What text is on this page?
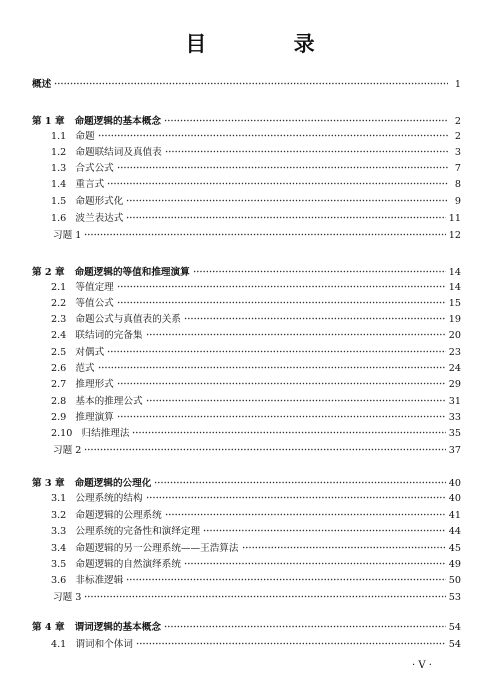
目 录
概述	1
第 1 章   命题逻辑的基本概念	2
1.1   命题	2
1.2   命题联结词及真值表	3
1.3   合式公式	7
1.4   重言式	8
1.5   命题形式化	9
1.6   波兰表达式	11
习题 1	12
第 2 章   命题逻辑的等值和推理演算	14
2.1   等值定理	14
2.2   等值公式	15
2.3   命题公式与真值表的关系	19
2.4   联结词的完备集	20
2.5   对偶式	23
2.6   范式	24
2.7   推理形式	29
2.8   基本的推理公式	31
2.9   推理演算	33
2.10   归结推理法	35
习题 2	37
第 3 章   命题逻辑的公理化	40
3.1   公理系统的结构	40
3.2   命题逻辑的公理系统	41
3.3   公理系统的完备性和演绎定理	44
3.4   命题逻辑的另一公理系统——王浩算法	45
3.5   命题逻辑的自然演绎系统	49
3.6   非标准逻辑	50
习题 3	53
第 4 章   谓词逻辑的基本概念	54
4.1   谓词和个体词	54
· V ·
